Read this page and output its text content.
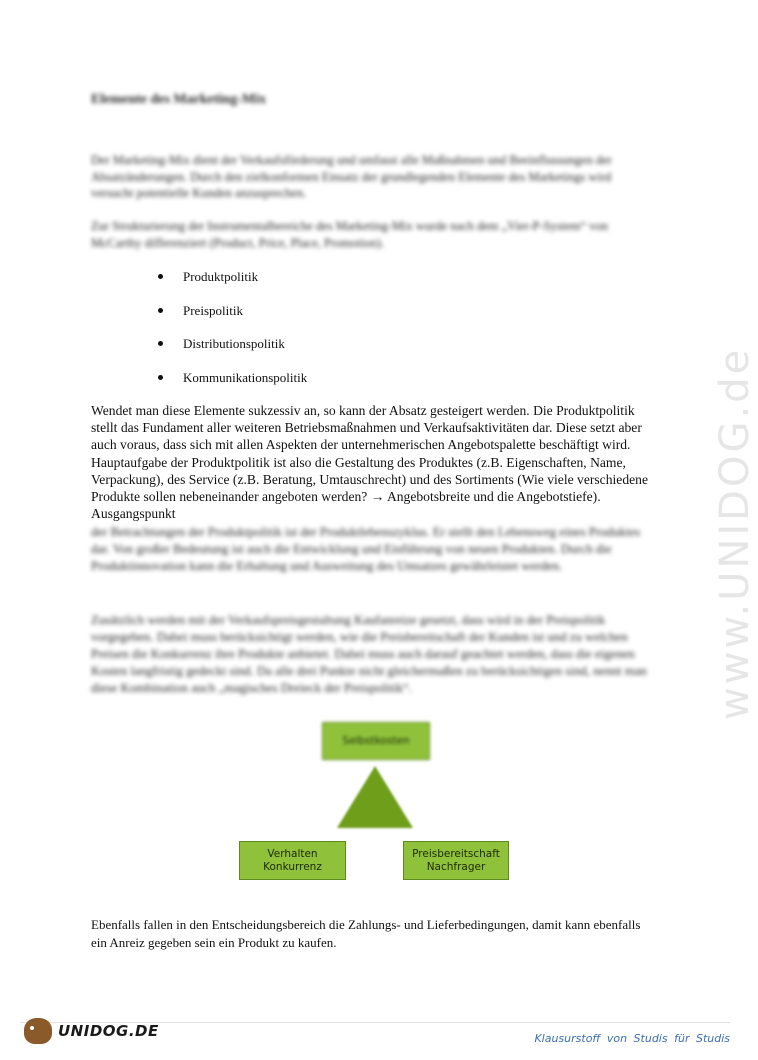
www.UNIDOG.de
Elemente des Marketing-Mix

Der Marketing-Mix dient der Verkaufsförderung und umfasst alle Maßnahmen und Beeinflussungen der Absatzänderungen. Durch den zielkonformen Einsatz der grundlegenden Elemente des Marketings wird versucht potentielle Kunden anzusprechen.

Zur Strukturierung der Instrumentalbereiche des Marketing-Mix wurde nach dem „Vier-P-System“ von McCarthy differenziert (Product, Price, Place, Promotion).

Produktpolitik
Preispolitik
Distributionspolitik
Kommunikationspolitik

Wendet man diese Elemente sukzessiv an, so kann der Absatz gesteigert werden. Die Produktpolitik stellt das Fundament aller weiteren Betriebsmaßnahmen und Verkaufsaktivitäten dar. Diese setzt aber auch voraus, dass sich mit allen Aspekten der unternehmerischen Angebotspalette beschäftigt wird. Hauptaufgabe der Produktpolitik ist also die Gestaltung des Produktes (z.B. Eigenschaften, Name, Verpackung), des Service (z.B. Beratung, Umtauschrecht) und des Sortiments (Wie viele verschiedene Produkte sollen nebeneinander angeboten werden? → Angebotsbreite und die Angebotstiefe). Ausgangspunkt

der Betrachtungen der Produktpolitik ist der Produktlebenszyklus. Er stellt den Lebensweg eines Produktes dar. Von großer Bedeutung ist auch die Entwicklung und Einführung von neuen Produkten. Durch die Produktinnovation kann die Erhaltung und Ausweitung des Umsatzes gewährleistet werden.

Zusätzlich werden mit der Verkaufspreisgestaltung Kaufanreize gesetzt, dass wird in der Preispolitik vorgegeben. Dabei muss berücksichtigt werden, wie die Preisbereitschaft der Kunden ist und zu welchen Preisen die Konkurrenz ihre Produkte anbietet. Dabei muss auch darauf geachtet werden, dass die eigenen Kosten langfristig gedeckt sind. Da alle drei Punkte nicht gleichermaßen zu berücksichtigen sind, nennt man diese Kombination auch „magisches Dreieck der Preispolitik“.

Selbstkosten
Verhalten
Konkurrenz
Preisbereitschaft
Nachfrager

Ebenfalls fallen in den Entscheidungsbereich die Zahlungs- und Lieferbedingungen, damit kann ebenfalls ein Anreiz gegeben sein ein Produkt zu kaufen.

UNIDOG.DE	Klausurstoff von Studis für Studis
